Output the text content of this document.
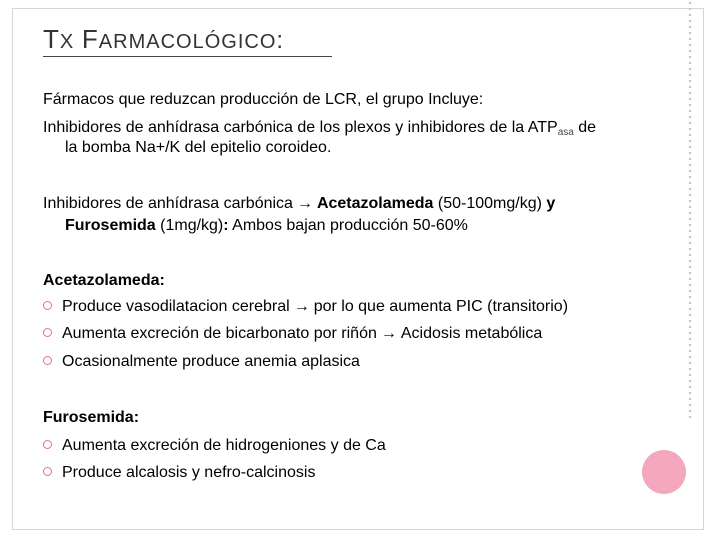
TX FARMACOLÓGICO:
Fármacos que reduzcan producción de LCR, el grupo Incluye:
Inhibidores de anhídrasa carbónica de los plexos y inhibidores de la $ATP_{asa}$ de
la bomba Na+/K del epitelio coroideo.
Inhibidores de anhídrasa carbónica → Acetazolameda (50-100mg/kg) y
Furosemida (1mg/kg): Ambos bajan producción 50-60%
Acetazolameda:
Produce vasodilatacion cerebral → por lo que aumenta PIC (transitorio)
Aumenta excreción de bicarbonato por riñón → Acidosis metabólica
Ocasionalmente produce anemia aplasica
Furosemida:
Aumenta excreción de hidrogeniones y de Ca
Produce alcalosis y nefro-calcinosis
